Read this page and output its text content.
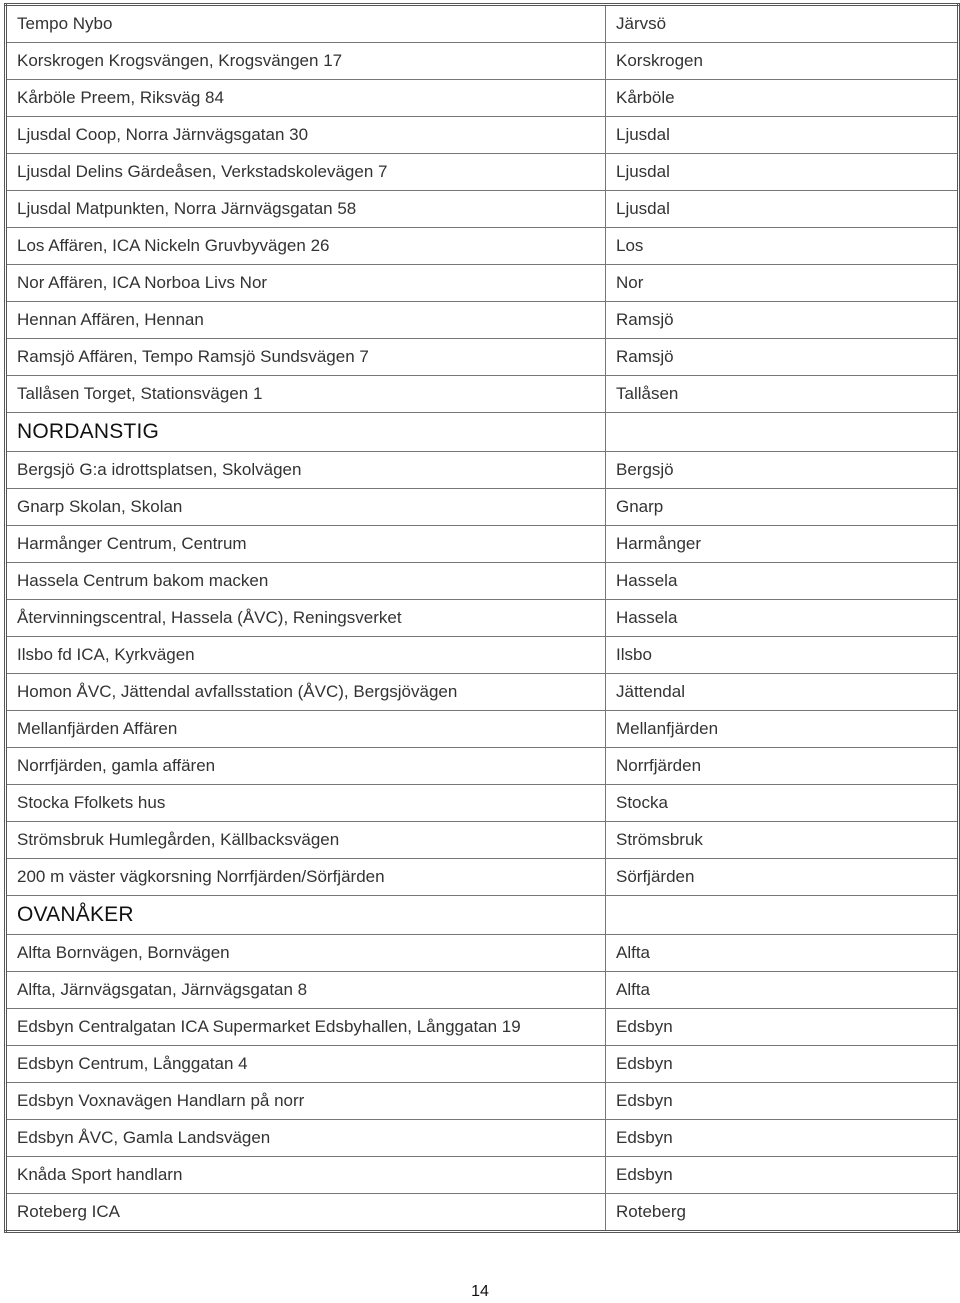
Tempo Nybo	Järvsö
Korskrogen Krogsvängen, Krogsvängen 17	Korskrogen
Kårböle Preem, Riksväg 84	Kårböle
Ljusdal Coop, Norra Järnvägsgatan 30	Ljusdal
Ljusdal Delins Gärdeåsen, Verkstadskolevägen 7	Ljusdal
Ljusdal Matpunkten, Norra Järnvägsgatan 58	Ljusdal
Los Affären, ICA Nickeln Gruvbyvägen 26	Los
Nor Affären, ICA Norboa Livs Nor	Nor
Hennan Affären, Hennan	Ramsjö
Ramsjö Affären, Tempo Ramsjö Sundsvägen 7	Ramsjö
Tallåsen Torget, Stationsvägen 1	Tallåsen
NORDANSTIG	
Bergsjö G:a idrottsplatsen, Skolvägen	Bergsjö
Gnarp Skolan, Skolan	Gnarp
Harmånger Centrum, Centrum	Harmånger
Hassela Centrum bakom macken	Hassela
Återvinningscentral, Hassela (ÅVC), Reningsverket	Hassela
Ilsbo fd ICA, Kyrkvägen	Ilsbo
Homon ÅVC, Jättendal avfallsstation (ÅVC), Bergsjövägen	Jättendal
Mellanfjärden Affären	Mellanfjärden
Norrfjärden, gamla affären	Norrfjärden
Stocka Ffolkets hus	Stocka
Strömsbruk Humlegården, Källbacksvägen	Strömsbruk
200 m väster vägkorsning Norrfjärden/Sörfjärden	Sörfjärden
OVANÅKER	
Alfta Bornvägen, Bornvägen	Alfta
Alfta, Järnvägsgatan, Järnvägsgatan 8	Alfta
Edsbyn Centralgatan ICA Supermarket Edsbyhallen, Långgatan 19	Edsbyn
Edsbyn Centrum, Långgatan 4	Edsbyn
Edsbyn Voxnavägen Handlarn på norr	Edsbyn
Edsbyn ÅVC, Gamla Landsvägen	Edsbyn
Knåda Sport handlarn	Edsbyn
Roteberg ICA	Roteberg
14
